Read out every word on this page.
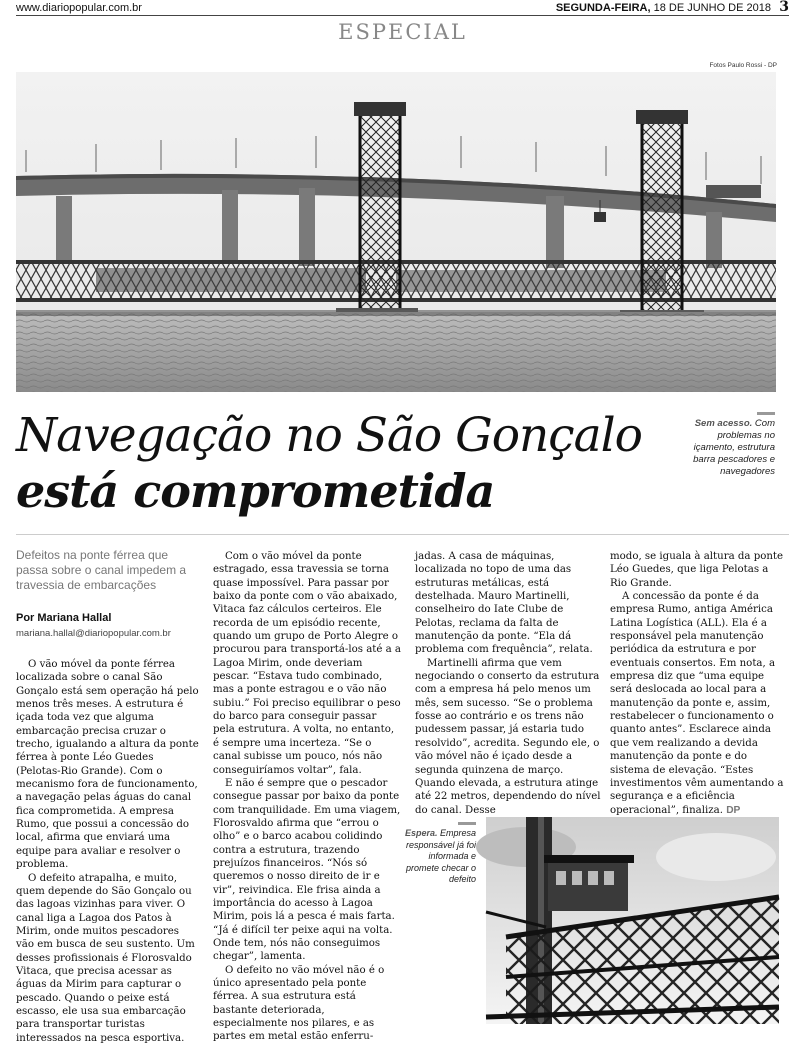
www.diariopopular.com.br	SEGUNDA-FEIRA, 18 DE JUNHO DE 2018 3
ESPECIAL
Fotos Paulo Rossi - DP
Navegação no São Gonçalo
está comprometida
Sem acesso. Com problemas no içamento, estrutura barra pescadores e navegadores
Defeitos na ponte férrea que passa sobre o canal impedem a travessia de embarcações
Por Mariana Hallal
mariana.hallal@diariopopular.com.br

O vão móvel da ponte férrea localizada sobre o canal São Gonçalo está sem operação há pelo menos três meses. A estrutura é içada toda vez que alguma embarcação precisa cruzar o trecho, igualando a altura da ponte férrea à ponte Léo Guedes (Pelotas-Rio Grande). Com o mecanismo fora de funcionamento, a navegação pelas águas do canal fica comprometida. A empresa Rumo, que possui a concessão do local, afirma que enviará uma equipe para avaliar e resolver o problema.

O defeito atrapalha, e muito, quem depende do São Gonçalo ou das lagoas vizinhas para viver. O canal liga a Lagoa dos Patos à Mirim, onde muitos pescadores vão em busca de seu sustento. Um desses profissionais é Florosvaldo Vitaca, que precisa acessar as águas da Mirim para capturar o pescado. Quando o peixe está escasso, ele usa sua embarcação para transportar turistas interessados na pesca esportiva.

Com o vão móvel da ponte estragado, essa travessia se torna quase impossível. Para passar por baixo da ponte com o vão abaixado, Vitaca faz cálculos certeiros. Ele recorda de um episódio recente, quando um grupo de Porto Alegre o procurou para transportá-los até a a Lagoa Mirim, onde deveriam pescar. “Estava tudo combinado, mas a ponte estragou e o vão não subiu.” Foi preciso equilibrar o peso do barco para conseguir passar pela estrutura. A volta, no entanto, é sempre uma incerteza. “Se o canal subisse um pouco, nós não conseguiríamos voltar”, fala.

E não é sempre que o pescador consegue passar por baixo da ponte com tranquilidade. Em uma viagem, Florosvaldo afirma que “errou o olho” e o barco acabou colidindo contra a estrutura, trazendo prejuízos financeiros. “Nós só queremos o nosso direito de ir e vir”, reivindica. Ele frisa ainda a importância do acesso à Lagoa Mirim, pois lá a pesca é mais farta. “Já é difícil ter peixe aqui na volta. Onde tem, nós não conseguimos chegar”, lamenta.

O defeito no vão móvel não é o único apresentado pela ponte férrea. A sua estrutura está bastante deteriorada, especialmente nos pilares, e as partes em metal estão enferru-

jadas. A casa de máquinas, localizada no topo de uma das estruturas metálicas, está destelhada. Mauro Martinelli, conselheiro do Iate Clube de Pelotas, reclama da falta de manutenção da ponte. “Ela dá problema com frequência”, relata.

Martinelli afirma que vem negociando o conserto da estrutura com a empresa há pelo menos um mês, sem sucesso. “Se o problema fosse ao contrário e os trens não pudessem passar, já estaria tudo resolvido”, acredita. Segundo ele, o vão móvel não é içado desde a segunda quinzena de março. Quando elevada, a estrutura atinge até 22 metros, dependendo do nível do canal. Desse

modo, se iguala à altura da ponte Léo Guedes, que liga Pelotas a Rio Grande.

A concessão da ponte é da empresa Rumo, antiga América Latina Logística (ALL). Ela é a responsável pela manutenção periódica da estrutura e por eventuais consertos. Em nota, a empresa diz que “uma equipe será deslocada ao local para a manutenção da ponte e, assim, restabelecer o funcionamento o quanto antes”. Esclarece ainda que vem realizando a devida manutenção da ponte e do sistema de elevação. “Estes investimentos vêm aumentando a segurança e a eficiência operacional”, finaliza. DP

Espera. Empresa responsável já foi informada e promete checar o defeito
